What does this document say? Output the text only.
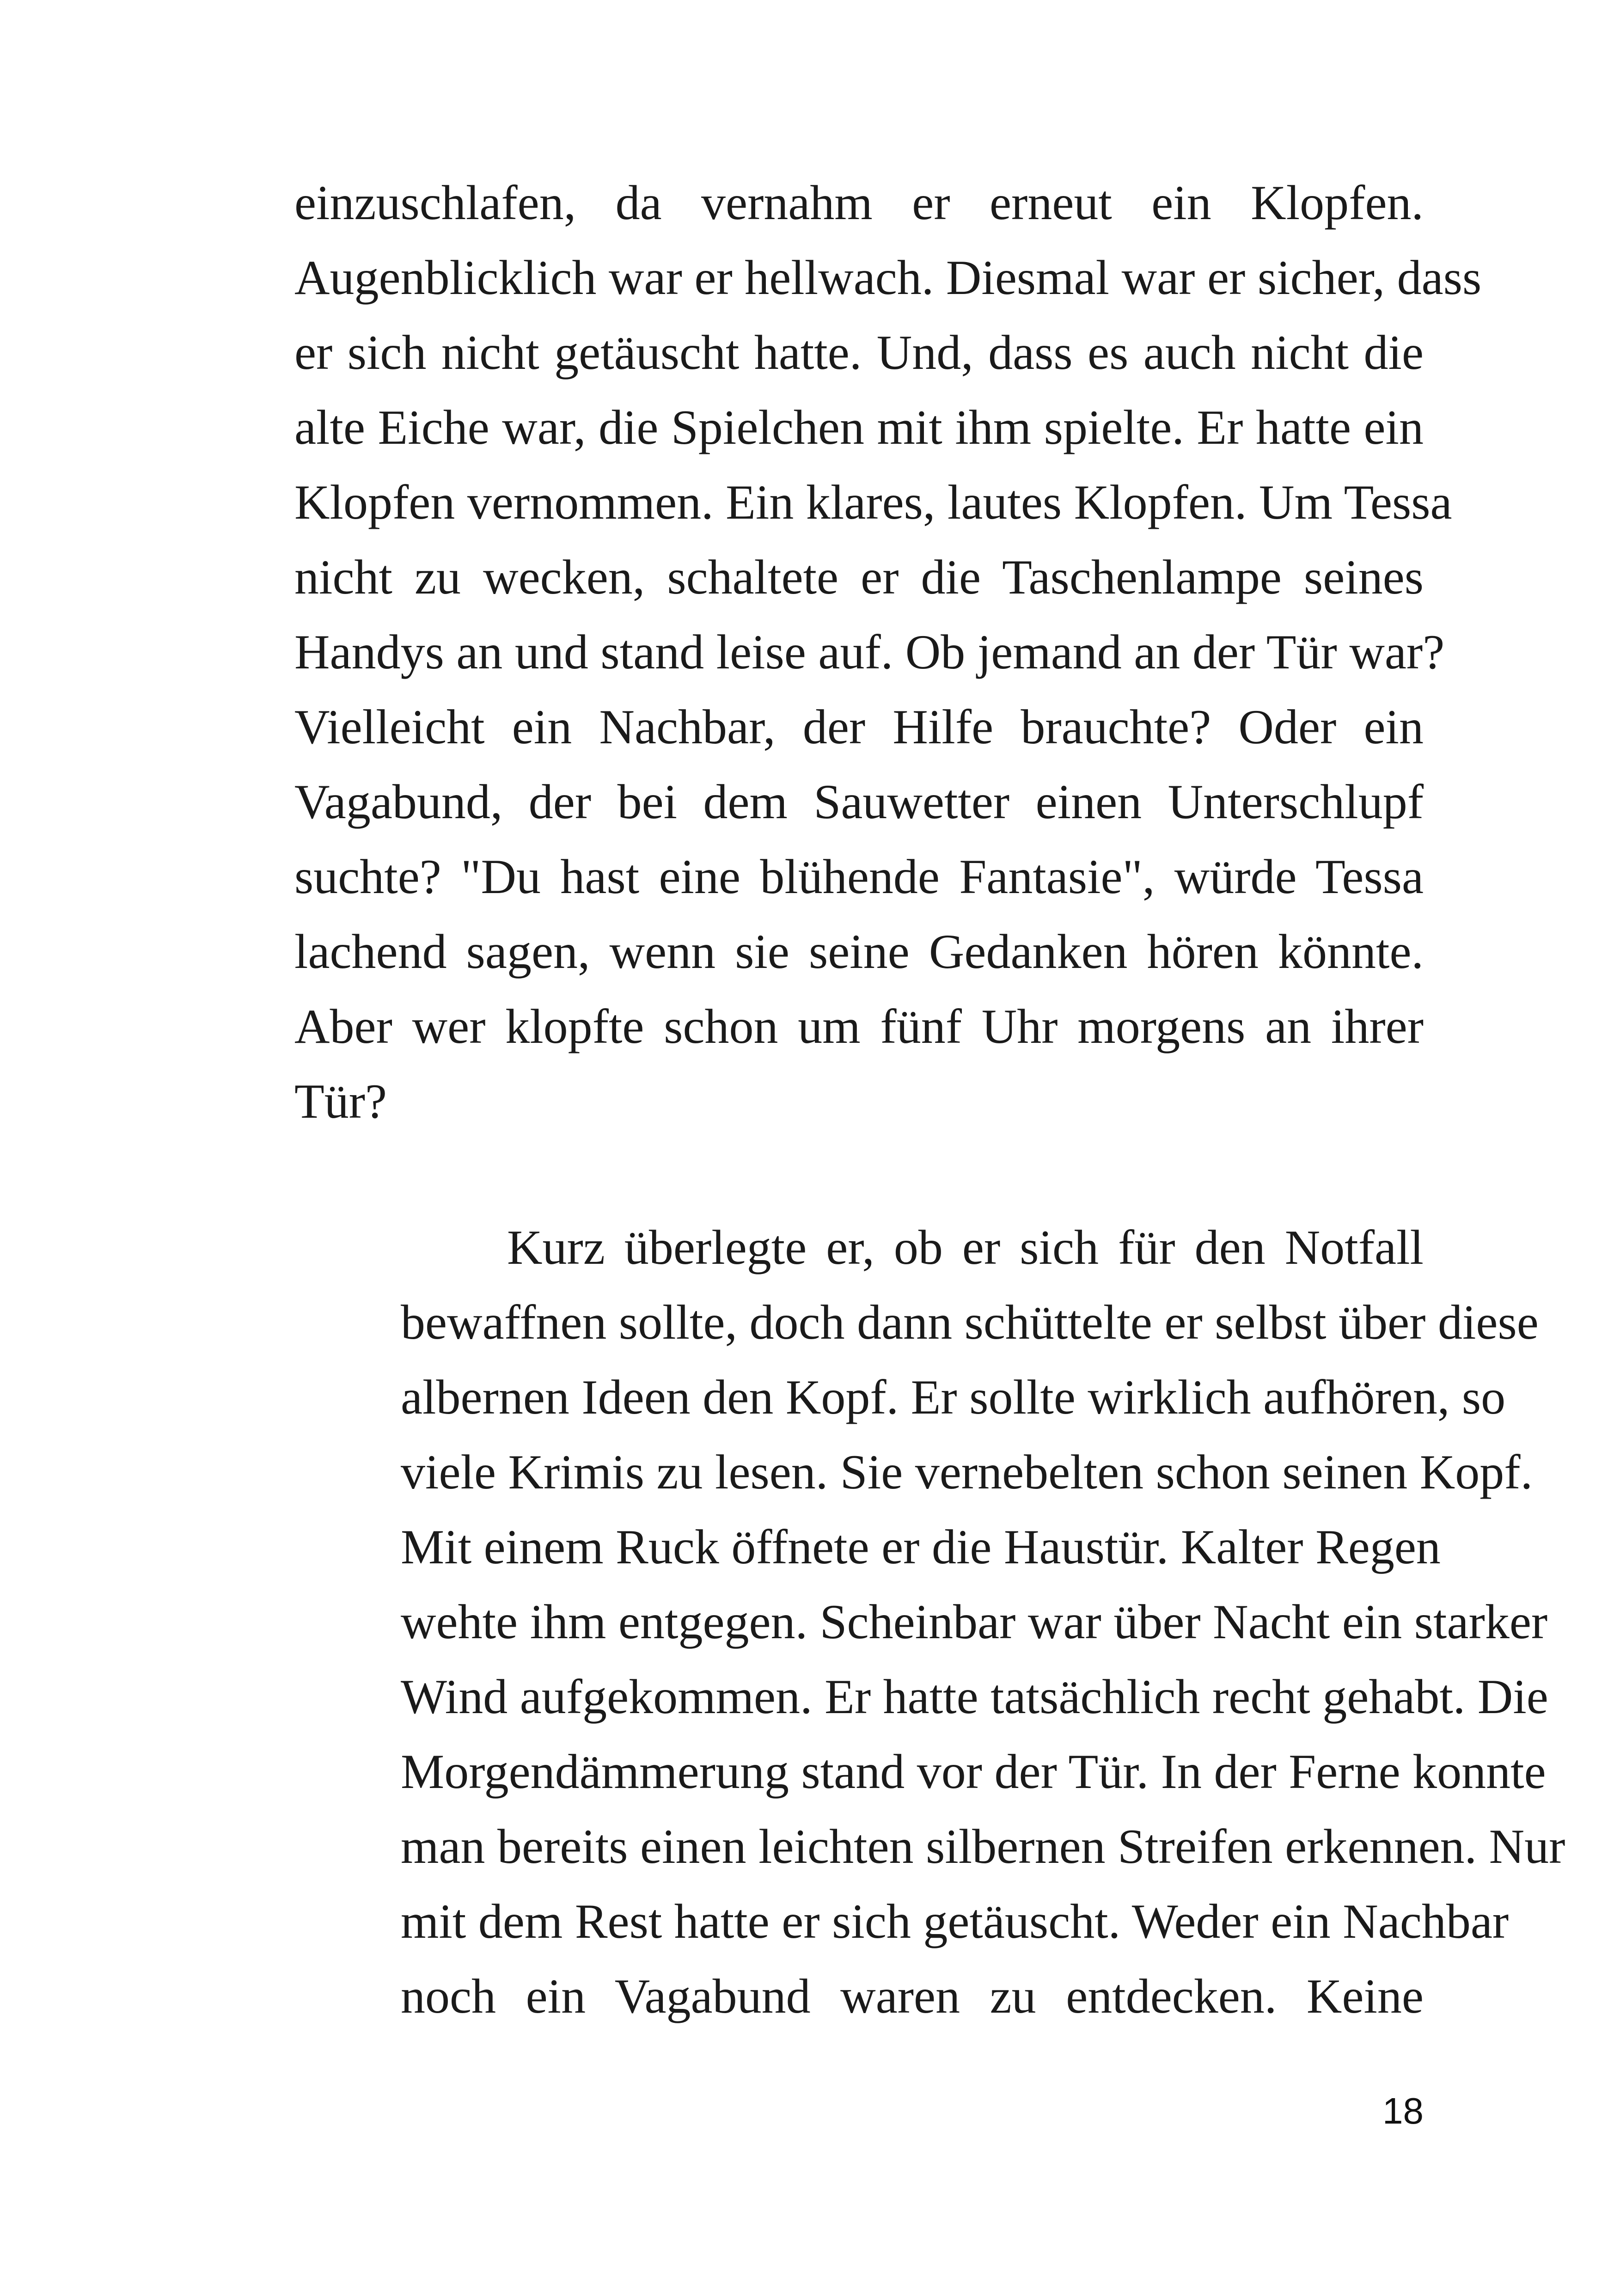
einzuschlafen, da vernahm er erneut ein Klopfen.
Augenblicklich war er hellwach. Diesmal war er sicher, dass
er sich nicht getäuscht hatte. Und, dass es auch nicht die
alte Eiche war, die Spielchen mit ihm spielte. Er hatte ein
Klopfen vernommen. Ein klares, lautes Klopfen. Um Tessa
nicht zu wecken, schaltete er die Taschenlampe seines
Handys an und stand leise auf. Ob jemand an der Tür war?
Vielleicht ein Nachbar, der Hilfe brauchte? Oder ein
Vagabund, der bei dem Sauwetter einen Unterschlupf
suchte? "Du hast eine blühende Fantasie", würde Tessa
lachend sagen, wenn sie seine Gedanken hören könnte.
Aber wer klopfte schon um fünf Uhr morgens an ihrer
Tür?
Kurz überlegte er, ob er sich für den Notfall
bewaffnen sollte, doch dann schüttelte er selbst über diese
albernen Ideen den Kopf. Er sollte wirklich aufhören, so
viele Krimis zu lesen. Sie vernebelten schon seinen Kopf.
Mit einem Ruck öffnete er die Haustür. Kalter Regen
wehte ihm entgegen. Scheinbar war über Nacht ein starker
Wind aufgekommen. Er hatte tatsächlich recht gehabt. Die
Morgendämmerung stand vor der Tür. In der Ferne konnte
man bereits einen leichten silbernen Streifen erkennen. Nur
mit dem Rest hatte er sich getäuscht. Weder ein Nachbar
noch ein Vagabund waren zu entdecken. Keine
18
